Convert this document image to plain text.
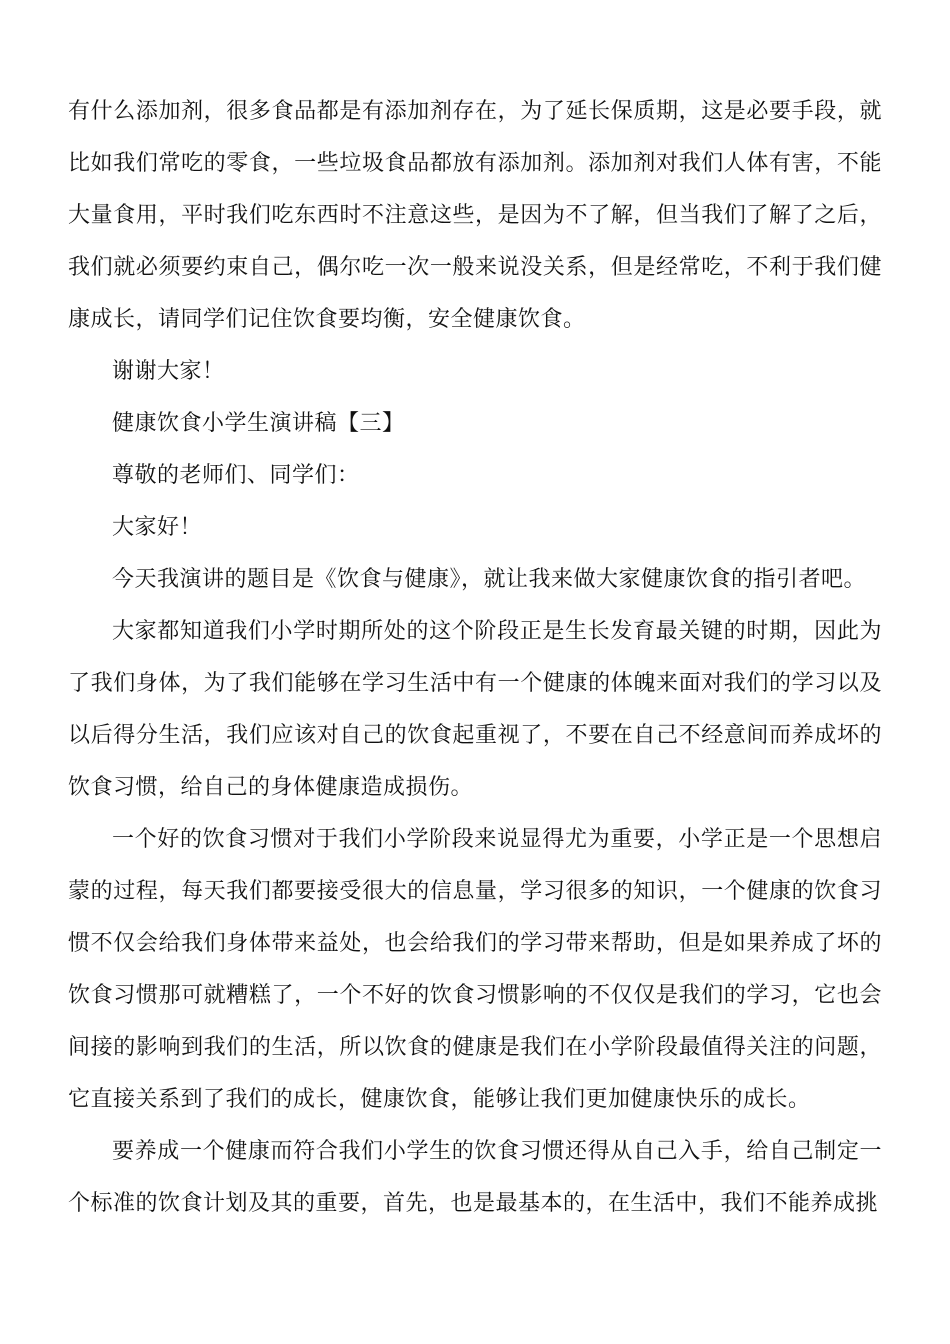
有什么添加剂，很多食品都是有添加剂存在，为了延长保质期，这是必要手段，就比如我们常吃的零食，一些垃圾食品都放有添加剂。添加剂对我们人体有害，不能大量食用，平时我们吃东西时不注意这些，是因为不了解，但当我们了解了之后，我们就必须要约束自己，偶尔吃一次一般来说没关系，但是经常吃，不利于我们健康成长，请同学们记住饮食要均衡，安全健康饮食。

谢谢大家！

健康饮食小学生演讲稿【三】

尊敬的老师们、同学们：

大家好！

今天我演讲的题目是《饮食与健康》，就让我来做大家健康饮食的指引者吧。

大家都知道我们小学时期所处的这个阶段正是生长发育最关键的时期，因此为了我们身体，为了我们能够在学习生活中有一个健康的体魄来面对我们的学习以及以后得分生活，我们应该对自己的饮食起重视了，不要在自己不经意间而养成坏的饮食习惯，给自己的身体健康造成损伤。

一个好的饮食习惯对于我们小学阶段来说显得尤为重要，小学正是一个思想启蒙的过程，每天我们都要接受很大的信息量，学习很多的知识，一个健康的饮食习惯不仅会给我们身体带来益处，也会给我们的学习带来帮助，但是如果养成了坏的饮食习惯那可就糟糕了，一个不好的饮食习惯影响的不仅仅是我们的学习，它也会间接的影响到我们的生活，所以饮食的健康是我们在小学阶段最值得关注的问题，它直接关系到了我们的成长，健康饮食，能够让我们更加健康快乐的成长。

要养成一个健康而符合我们小学生的饮食习惯还得从自己入手，给自己制定一个标准的饮食计划及其的重要，首先，也是最基本的，在生活中，我们不能养成挑
